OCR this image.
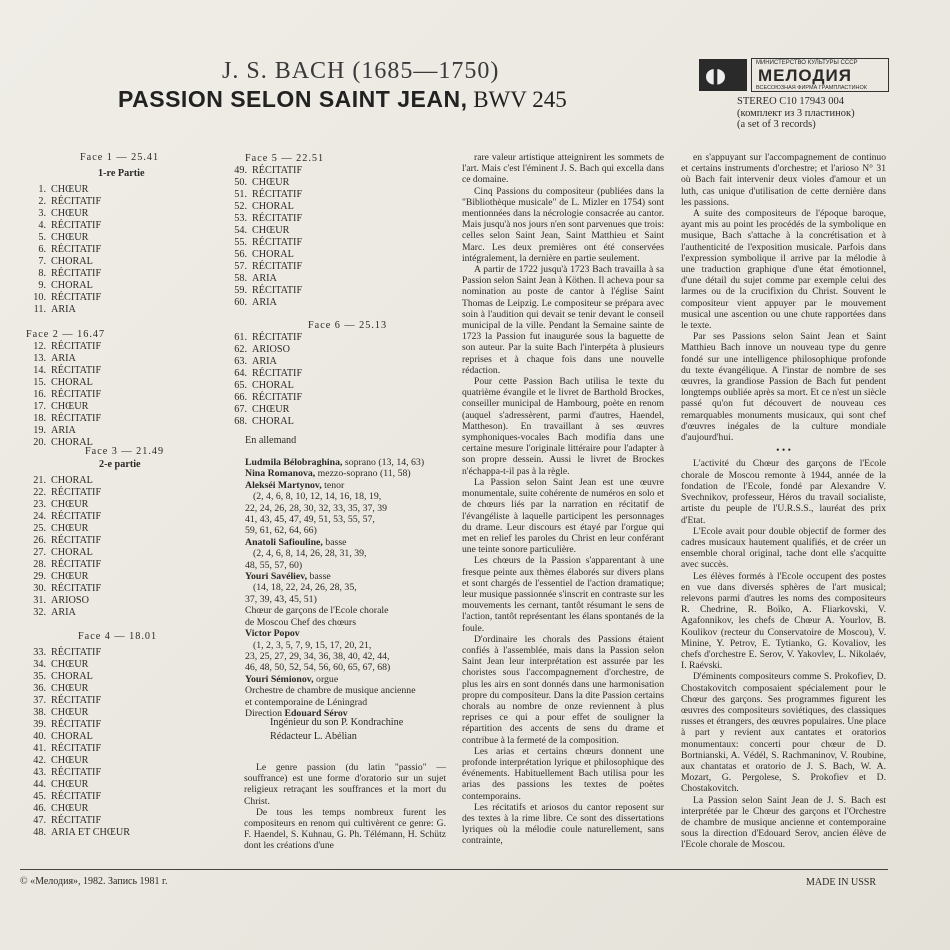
J. S. BACH (1685—1750)
PASSION SELON SAINT JEAN, BWV 245
◖◗	МИНИСТЕРСТВО КУЛЬТУРЫ СССР
МЕЛОДИЯ
ВСЕСОЮЗНАЯ ФИРМА ГРАМПЛАСТИНОК
STEREO C10 17943 004
(комплект из 3 пластинок)
(a set of 3 records)
Face 1 — 25.41
1-re Partie
1. CHŒUR
2. RÉCITATIF
3. CHŒUR
4. RÉCITATIF
5. CHŒUR
6. RÉCITATIF
7. CHORAL
8. RÉCITATIF
9. CHORAL
10. RÉCITATIF
11. ARIA
Face 2 — 16.47
12. RÉCITATIF
13. ARIA
14. RÉCITATIF
15. CHORAL
16. RÉCITATIF
17. CHŒUR
18. RÉCITATIF
19. ARIA
20. CHORAL
Face 3 — 21.49
2-e partie
21. CHORAL
22. RÉCITATIF
23. CHŒUR
24. RÉCITATIF
25. CHŒUR
26. RÉCITATIF
27. CHORAL
28. RÉCITATIF
29. CHŒUR
30. RÉCITATIF
31. ARIOSO
32. ARIA
Face 4 — 18.01
33. RÉCITATIF
34. CHŒUR
35. CHORAL
36. CHŒUR
37. RÉCITATIF
38. CHŒUR
39. RÉCITATIF
40. CHORAL
41. RÉCITATIF
42. CHŒUR
43. RÉCITATIF
44. CHŒUR
45. RÉCITATIF
46. CHŒUR
47. RÉCITATIF
48. ARIA ET CHŒUR
Face 5 — 22.51
49. RÉCITATIF
50. CHŒUR
51. RÉCITATIF
52. CHORAL
53. RÉCITATIF
54. CHŒUR
55. RÉCITATIF
56. CHORAL
57. RÉCITATIF
58. ARIA
59. RÉCITATIF
60. ARIA
Face 6 — 25.13
61. RÉCITATIF
62. ARIOSO
63. ARIA
64. RÉCITATIF
65. CHORAL
66. RÉCITATIF
67. CHŒUR
68. CHORAL
En allemand
Ludmila Bélobraghina, soprano (13, 14, 63)
Nina Romanova, mezzo-soprano (11, 58)
Alekséi Martynov, tenor
(2, 4, 6, 8, 10, 12, 14, 16, 18, 19,
22, 24, 26, 28, 30, 32, 33, 35, 37, 39
41, 43, 45, 47, 49, 51, 53, 55, 57,
59, 61, 62, 64, 66)
Anatoli Safiouline, basse
(2, 4, 6, 8, 14, 26, 28, 31, 39,
48, 55, 57, 60)
Youri Savéliev, basse
(14, 18, 22, 24, 26, 28, 35,
37, 39, 43, 45, 51)
Chœur de garçons de l'Ecole chorale
de Moscou Chef des chœurs
Victor Popov
(1, 2, 3, 5, 7, 9, 15, 17, 20, 21,
23, 25, 27, 29, 34, 36, 38, 40, 42, 44,
46, 48, 50, 52, 54, 56, 60, 65, 67, 68)
Youri Sémionov, orgue
Orchestre de chambre de musique ancienne
et contemporaine de Léningrad
Direction Edouard Sérov
Ingénieur du son P. Kondrachine
Rédacteur L. Abélian

Le genre passion (du latin "passio" — souffrance) est une forme d'oratorio sur un sujet religieux retraçant les souffrances et la mort du Christ.

De tous les temps nombreux furent les compositeurs en renom qui cultivèrent ce genre: G. F. Haendel, S. Kuhnau, G. Ph. Télémann, H. Schütz dont les créations d'une

rare valeur artistique atteignirent les sommets de l'art. Mais c'est l'éminent J. S. Bach qui excella dans ce domaine.

Cinq Passions du compositeur (publiées dans la "Bibliothèque musicale" de L. Mizler en 1754) sont mentionnées dans la nécrologie consacrée au cantor. Mais jusqu'à nos jours n'en sont parvenues que trois: celles selon Saint Jean, Saint Matthieu et Saint Marc. Les deux premières ont été conservées intégralement, la dernière en partie seulement.

A partir de 1722 jusqu'à 1723 Bach travailla à sa Passion selon Saint Jean à Köthen. Il acheva pour sa nomination au poste de cantor à l'église Saint Thomas de Leipzig. Le compositeur se prépara avec soin à l'audition qui devait se tenir devant le conseil municipal de la ville. Pendant la Semaine sainte de 1723 la Passion fut inaugurée sous la baguette de son auteur. Par la suite Bach l'interpéta à plusieurs reprises et à chaque fois dans une nouvelle rédaction.

Pour cette Passion Bach utilisa le texte du quatrième évangile et le livret de Barthold Brockes, conseiller municipal de Hambourg, poète en renom (auquel s'adressèrent, parmi d'autres, Haendel, Mattheson). En travaillant à ses œuvres symphoniques-vocales Bach modifia dans une certaine mesure l'originale littéraire pour l'adapter à son propre dessein. Aussi le livret de Brockes n'échappa-t-il pas à la règle.

La Passion selon Saint Jean est une œuvre monumentale, suite cohérente de numéros en solo et de chœurs liés par la narration en récitatif de l'évangéliste à laquelle participent les personnages du drame. Leur discours est étayé par l'orgue qui met en relief les paroles du Christ en leur conférant une teinte sonore particulière.

Les chœurs de la Passion s'apparentant à une fresque peinte aux thèmes élaborés sur divers plans et sont chargés de l'essentiel de l'action dramatique; leur musique passionnée s'inscrit en contraste sur les mouvements les cernant, tantôt résumant le sens de l'action, tantôt représentant les élans spontanés de la foule.

D'ordinaire les chorals des Passions étaient confiés à l'assemblée, mais dans la Passion selon Saint Jean leur interprétation est assurée par les choristes sous l'accompagnement d'orchestre, de plus les airs en sont donnés dans une harmonisation propre du compositeur. Dans la dite Passion certains chorals au nombre de onze reviennent à plus reprises ce qui a pour effet de souligner la répartition des accents de sens du drame et contribue à la fermeté de la composition.

Les arias et certains chœurs donnent une profonde interprétation lyrique et philosophique des événements. Habituellement Bach utilisa pour les arias des passions les textes de poètes contemporains.

Les récitatifs et ariosos du cantor reposent sur des textes à la rime libre. Ce sont des dissertations lyriques où la mélodie coule naturellement, sans contrainte,

en s'appuyant sur l'accompagnement de continuo et certains instruments d'orchestre; et l'arioso N° 31 où Bach fait intervenir deux violes d'amour et un luth, cas unique d'utilisation de cette dernière dans les passions.

A suite des compositeurs de l'époque baroque, ayant mis au point les procédés de la symbolique en musique, Bach s'attache à la concrétisation et à l'authenticité de l'exposition musicale. Parfois dans l'expression symbolique il arrive par la mélodie à une traduction graphique d'une état émotionnel, d'une détail du sujet comme par exemple celui des larmes ou de la crucifixion du Christ. Souvent le compositeur vient appuyer par le mouvement musical une ascention ou une chute rapportées dans le texte.

Par ses Passions selon Saint Jean et Saint Matthieu Bach innove un nouveau type du genre fondé sur une intelligence philosophique profonde du texte évangélique. A l'instar de nombre de ses œuvres, la grandiose Passion de Bach fut pendent longtemps oubliée après sa mort. Et ce n'est un siècle passé qu'on fut découvert de nouveau ces remarquables monuments musicaux, qui sont chef d'œuvres inégales de la culture mondiale d'aujourd'hui.

• • •

L'activité du Chœur des garçons de l'Ecole chorale de Moscou remonte à 1944, année de la fondation de l'Ecole, fondé par Alexandre V. Svechnikov, professeur, Héros du travail socialiste, artiste du peuple de l'U.R.S.S., lauréat des prix d'Etat.

L'Ecole avait pour double objectif de former des cadres musicaux hautement qualifiés, et de créer un ensemble choral original, tache dont elle s'acquitte avec succès.

Les élèves formés à l'Ecole occupent des postes en vue dans diversés sphères de l'art musical; relevons parmi d'autres les noms des compositeurs R. Chedrine, R. Boïko, A. Fliarkovski, V. Agafonnikov, les chefs de Chœur A. Yourlov, B. Koulikov (recteur du Conservatoire de Moscou), V. Minine, Y. Petrov, E. Tytianko, G. Kovaliov, les chefs d'orchestre E. Serov, V. Yakovlev, L. Nikolaév, I. Raévski.

D'éminents compositeurs comme S. Prokofiev, D. Chostakovitch composaient spécialement pour le Chœur des garçons. Ses programmes figurent les œuvres des compositeurs soviétiques, des classiques russes et étrangers, des œuvres populaires. Une place à part y revient aux cantates et oratorios monumentaux: concerti pour chœur de D. Bortnianski, A. Védél, S. Rachmaninov, V. Roubine, aux chantatas et oratorio de J. S. Bach, W. A. Mozart, G. Pergolese, S. Prokofiev et D. Chostakovitch.

La Passion selon Saint Jean de J. S. Bach est interprétée par le Chœur des garçons et l'Orchestre de chambre de musique ancienne et contemporaine sous la direction d'Edouard Serov, ancien élève de l'Ecole chorale de Moscou.

© «Мелодия», 1982. Запись 1981 г.	MADE IN USSR
